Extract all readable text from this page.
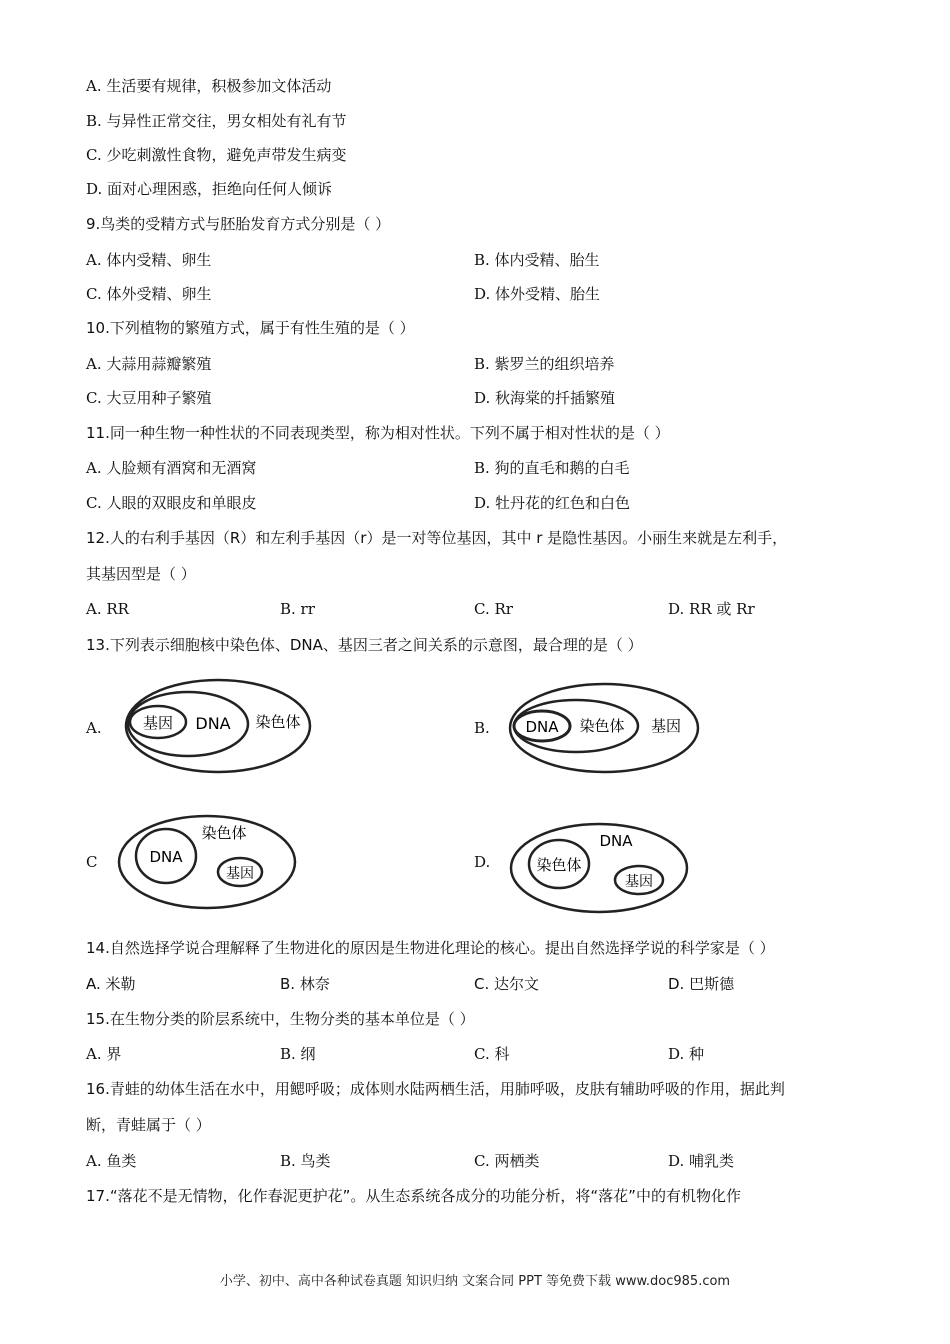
A. 生活要有规律，积极参加文体活动
B. 与异性正常交往，男女相处有礼有节
C. 少吃刺激性食物，避免声带发生病变
D. 面对心理困惑，拒绝向任何人倾诉
9.鸟类的受精方式与胚胎发育方式分别是（ ）
A. 体内受精、卵生	B. 体内受精、胎生
C. 体外受精、卵生	D. 体外受精、胎生
10.下列植物的繁殖方式，属于有性生殖的是（ ）
A. 大蒜用蒜瓣繁殖	B. 紫罗兰的组织培养
C. 大豆用种子繁殖	D. 秋海棠的扦插繁殖
11.同一种生物一种性状的不同表现类型，称为相对性状。下列不属于相对性状的是（ ）
A. 人脸颊有酒窝和无酒窝	B. 狗的直毛和鹅的白毛
C. 人眼的双眼皮和单眼皮	D. 牡丹花的红色和白色
12.人的右利手基因（R）和左利手基因（r）是一对等位基因，其中 r 是隐性基因。小丽生来就是左利手，
其基因型是（ ）
A. RR	B. rr	C. Rr	D. RR 或 Rr
13.下列表示细胞核中染色体、DNA、基因三者之间关系的示意图，最合理的是（ ）
A.	基因 DNA 染色体	B. DNA 染色体 基因
C	DNA
染色体
基因
D.	染色体
DNA
基因
14.自然选择学说合理解释了生物进化的原因是生物进化理论的核心。提出自然选择学说的科学家是（ ）
A. 米勒	B. 林奈	C. 达尔文	D. 巴斯德
15.在生物分类的阶层系统中，生物分类的基本单位是（ ）
A. 界	B. 纲	C. 科	D. 种
16.青蛙的幼体生活在水中，用鳃呼吸；成体则水陆两栖生活，用肺呼吸，皮肤有辅助呼吸的作用，据此判
断，青蛙属于（ ）
A. 鱼类	B. 鸟类	C. 两栖类	D. 哺乳类
17.“落花不是无情物，化作春泥更护花”。从生态系统各成分的功能分析，将“落花”中的有机物化作
小学、初中、高中各种试卷真题 知识归纳 文案合同 PPT 等免费下载 www.doc985.com
